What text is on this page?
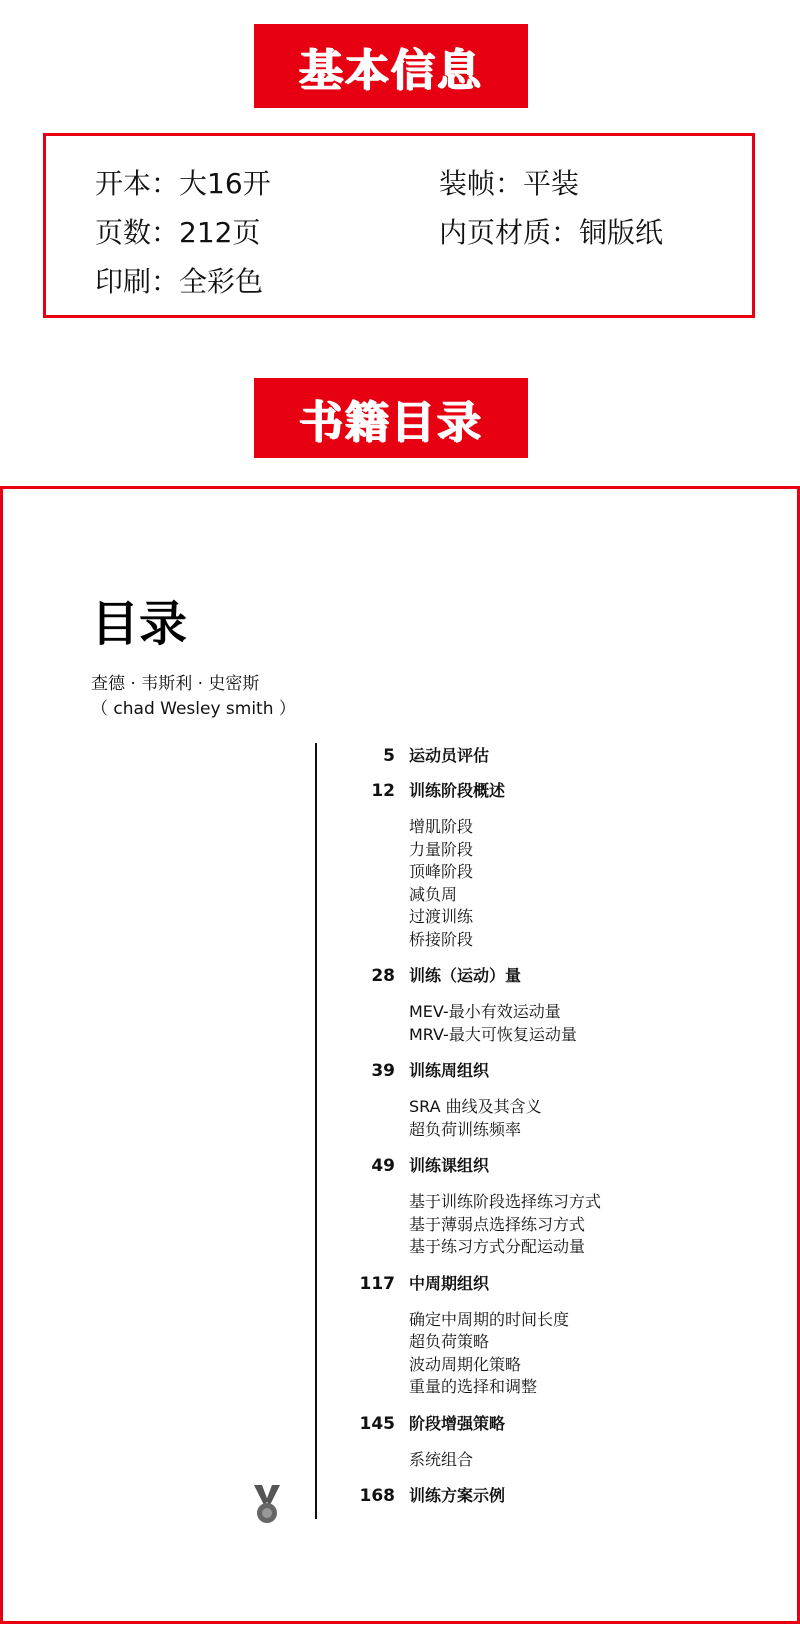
基本信息
开本：大16开	装帧：平装
页数：212页	内页材质：铜版纸
印刷：全彩色
书籍目录
目录
查德 · 韦斯利 · 史密斯
（ chad Wesley smith ）
5 运动员评估
12 训练阶段概述
增肌阶段
力量阶段
顶峰阶段
减负周
过渡训练
桥接阶段
28 训练（运动）量
MEV-最小有效运动量
MRV-最大可恢复运动量
39 训练周组织
SRA 曲线及其含义
超负荷训练频率
49 训练课组织
基于训练阶段选择练习方式
基于薄弱点选择练习方式
基于练习方式分配运动量
117 中周期组织
确定中周期的时间长度
超负荷策略
波动周期化策略
重量的选择和调整
145 阶段增强策略
系统组合
168 训练方案示例
